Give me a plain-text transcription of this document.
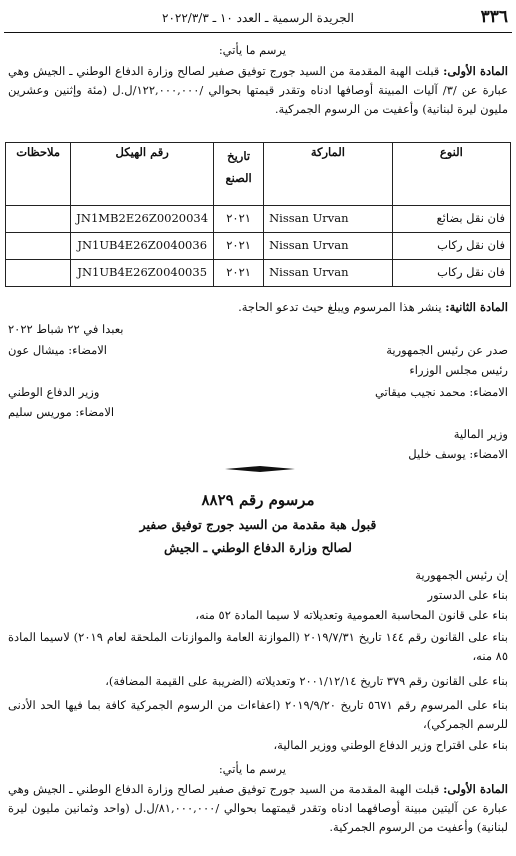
٣٣٦
الجريدة الرسمية ـ العدد ١٠ ـ ٢٠٢٢/٣/٣
يرسم ما يأتي:
المادة الأولى: قبلت الهبة المقدمة من السيد جورج توفيق صفير لصالح وزارة الدفاع الوطني ـ الجيش وهي عبارة عن /٣/ آليات المبينة أوصافها ادناه وتقدر قيمتها بحوالي /١٢٢,٠٠٠,٠٠٠/ل.ل (مئة وإثنين وعشرين مليون ليرة لبنانية) وأعفيت من الرسوم الجمركية.
النوع	الماركة	تاريخ الصنع	رقم الهيكل	ملاحظات
فان نقل بضائع	Nissan Urvan	٢٠٢١	JN1MB2E26Z0020034	
فان نقل ركاب	Nissan Urvan	٢٠٢١	JN1UB4E26Z0040036	
فان نقل ركاب	Nissan Urvan	٢٠٢١	JN1UB4E26Z0040035	
المادة الثانية: ينشر هذا المرسوم ويبلغ حيث تدعو الحاجة.
بعبدا في ٢٢ شباط ٢٠٢٢
الامضاء: ميشال عون	صدر عن رئيس الجمهورية
رئيس مجلس الوزراء
الامضاء: محمد نجيب ميقاتي
وزير الدفاع الوطني
الامضاء: موريس سليم
وزير المالية
الامضاء: يوسف خليل
مرسوم رقم ٨٨٢٩
قبول هبة مقدمة من السيد جورج توفيق صفير
لصالح وزارة الدفاع الوطني ـ الجيش
إن رئيس الجمهورية
بناء على الدستور
بناء على قانون المحاسبة العمومية وتعديلاته لا سيما المادة ٥٢ منه،
بناء على القانون رقم ١٤٤ تاريخ ٢٠١٩/٧/٣١ (الموازنة العامة والموازنات الملحقة لعام ٢٠١٩) لاسيما المادة ٨٥ منه،
بناء على القانون رقم ٣٧٩ تاريخ ٢٠٠١/١٢/١٤ وتعديلاته (الضريبة على القيمة المضافة)،
بناء على المرسوم رقم ٥٦٧١ تاريخ ٢٠١٩/٩/٢٠ (اعفاءات من الرسوم الجمركية كافة بما فيها الحد الأدنى للرسم الجمركي)،
بناء على اقتراح وزير الدفاع الوطني ووزير المالية،
يرسم ما يأتي:
المادة الأولى: قبلت الهبة المقدمة من السيد جورج توفيق صفير لصالح وزارة الدفاع الوطني ـ الجيش وهي عبارة عن آليتين مبينة أوصافهما ادناه وتقدر قيمتهما بحوالي /٨١,٠٠٠,٠٠٠/ل.ل (واحد وثمانين مليون ليرة لبنانية) وأعفيت من الرسوم الجمركية.
